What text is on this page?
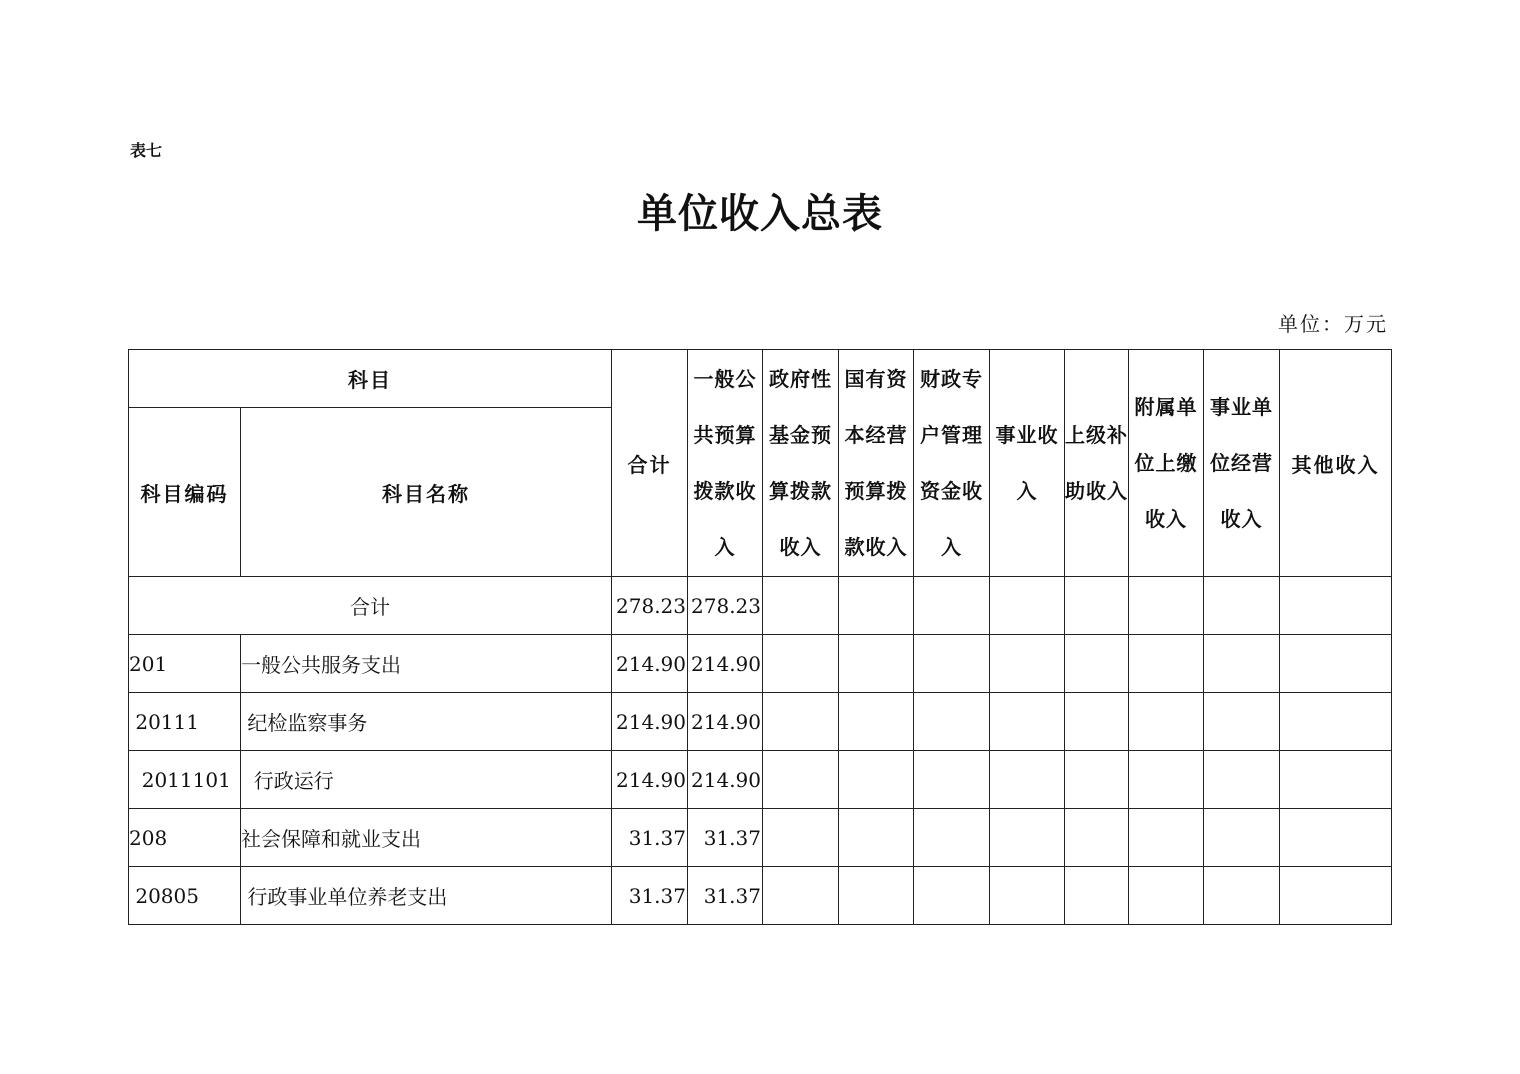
表七
单位收入总表
单位：万元
科目		合计	一般公共预算拨款收入	政府性基金预算拨款收入	国有资本经营预算拨款收入	财政专户管理资金收入	事业收入	上级补助收入	附属单位上缴收入	事业单位经营收入	其他收入
科目编码	科目名称										
合计		278.23	278.23								
201	一般公共服务支出	214.90	214.90								
20111	纪检监察事务	214.90	214.90								
2011101	行政运行	214.90	214.90								
208	社会保障和就业支出	31.37	31.37								
20805	行政事业单位养老支出	31.37	31.37								
